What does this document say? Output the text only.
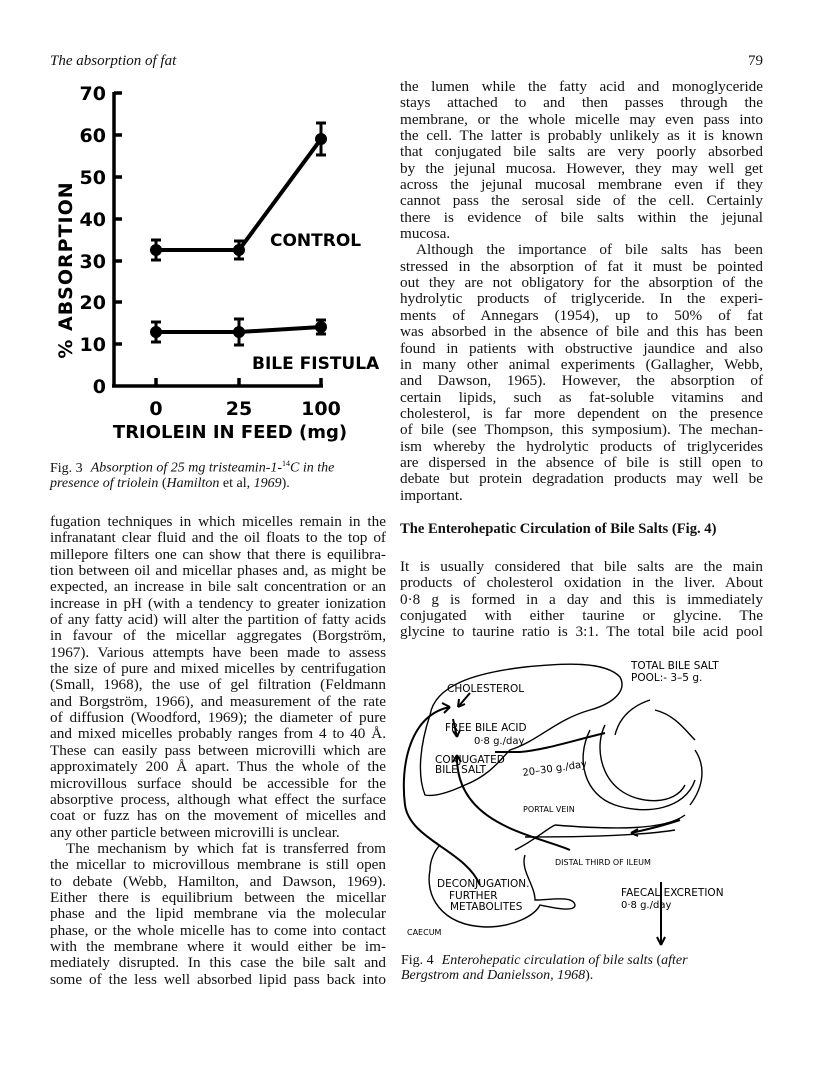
The absorption of fat	79
% ABSORPTION
70
60
50
40
30
20
10
0
0	25	100
TRIOLEIN IN FEED (mg)
CONTROL
BILE FISTULA
Fig. 3 Absorption of 25 mg tristeamin-1-$^{14}$C in the presence of triolein (Hamilton et al, 1969).

fugation techniques in which micelles remain in the
infranatant clear fluid and the oil floats to the top of
millepore filters one can show that there is equilibra-
tion between oil and micellar phases and, as might be
expected, an increase in bile salt concentration or an
increase in pH (with a tendency to greater ionization
of any fatty acid) will alter the partition of fatty acids
in favour of the micellar aggregates (Borgström,
1967). Various attempts have been made to assess
the size of pure and mixed micelles by centrifugation
(Small, 1968), the use of gel filtration (Feldmann
and Borgström, 1966), and measurement of the rate
of diffusion (Woodford, 1969); the diameter of pure
and mixed micelles probably ranges from 4 to 40 Å.
These can easily pass between microvilli which are
approximately 200 Å apart. Thus the whole of the
microvillous surface should be accessible for the
absorptive process, although what effect the surface
coat or fuzz has on the movement of micelles and
any other particle between microvilli is unclear.

The mechanism by which fat is transferred from
the micellar to microvillous membrane is still open
to debate (Webb, Hamilton, and Dawson, 1969).
Either there is equilibrium between the micellar
phase and the lipid membrane via the molecular
phase, or the whole micelle has to come into contact
with the membrane where it would either be im-
mediately disrupted. In this case the bile salt and
some of the less well absorbed lipid pass back into

the lumen while the fatty acid and monoglyceride
stays attached to and then passes through the
membrane, or the whole micelle may even pass into
the cell. The latter is probably unlikely as it is known
that conjugated bile salts are very poorly absorbed
by the jejunal mucosa. However, they may well get
across the jejunal mucosal membrane even if they
cannot pass the serosal side of the cell. Certainly
there is evidence of bile salts within the jejunal
mucosa.

Although the importance of bile salts has been
stressed in the absorption of fat it must be pointed
out they are not obligatory for the absorption of the
hydrolytic products of triglyceride. In the experi-
ments of Annegars (1954), up to 50% of fat
was absorbed in the absence of bile and this has been
found in patients with obstructive jaundice and also
in many other animal experiments (Gallagher, Webb,
and Dawson, 1965). However, the absorption of
certain lipids, such as fat-soluble vitamins and
cholesterol, is far more dependent on the presence
of bile (see Thompson, this symposium). The mechan-
ism whereby the hydrolytic products of triglycerides
are dispersed in the absence of bile is still open to
debate but protein degradation products may well be
important.

The Enterohepatic Circulation of Bile Salts (Fig. 4)

It is usually considered that bile salts are the main
products of cholesterol oxidation in the liver. About
0·8 g is formed in a day and this is immediately
conjugated with either taurine or glycine. The
glycine to taurine ratio is 3:1. The total bile acid pool

CHOLESTEROL
FREE BILE ACID
0·8 g./day
CONJUGATED
BILE SALT	20–30 g./day
TOTAL BILE SALT
POOL:- 3–5 g.
PORTAL VEIN
DISTAL THIRD OF ILEUM
DECONJUGATION.
FURTHER
METABOLITES
CAECUM
FAECAL EXCRETION
0·8 g./day
Fig. 4 Enterohepatic circulation of bile salts (after Bergstrom and Danielsson, 1968).
